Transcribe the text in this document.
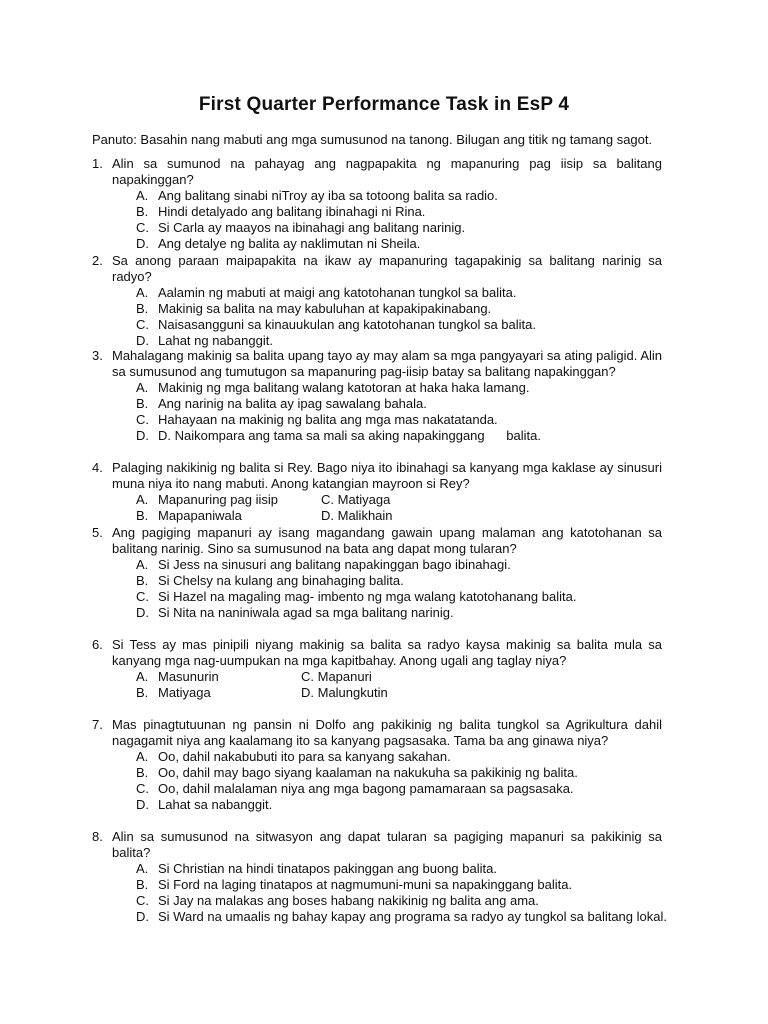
First Quarter Performance Task in EsP 4
Panuto: Basahin nang mabuti ang mga sumusunod na tanong. Bilugan ang titik ng tamang sagot.
1. Alin sa sumunod na pahayag ang nagpapakita ng mapanuring pag iisip sa balitang napakinggan?
A. Ang balitang sinabi niTroy ay iba sa totoong balita sa radio.
B. Hindi detalyado ang balitang ibinahagi ni Rina.
C. Si Carla ay maayos na ibinahagi ang balitang narinig.
D. Ang detalye ng balita ay naklimutan ni Sheila.
2. Sa anong paraan maipapakita na ikaw ay mapanuring tagapakinig sa balitang narinig sa radyo?
A. Aalamin ng mabuti at maigi ang katotohanan tungkol sa balita.
B. Makinig sa balita na may kabuluhan at kapakipakinabang.
C. Naisasangguni sa kinauukulan ang katotohanan tungkol sa balita.
D. Lahat ng nabanggit.
3. Mahalagang makinig sa balita upang tayo ay may alam sa mga pangyayari sa ating paligid. Alin sa sumusunod ang tumutugon sa mapanuring pag-iisip batay sa balitang napakinggan?
A. Makinig ng mga balitang walang katotoran at haka haka lamang.
B. Ang narinig na balita ay ipag sawalang bahala.
C. Hahayaan na makinig ng balita ang mga mas nakatatanda.
D. D. Naikompara ang tama sa mali sa aking napakinggang      balita.
4. Palaging nakikinig ng balita si Rey. Bago niya ito ibinahagi sa kanyang mga kaklase ay sinusuri muna niya ito nang mabuti. Anong katangian mayroon si Rey?
A. Mapanuring pag iisip	C. Matiyaga
B. Mapapaniwala	D. Malikhain
5. Ang pagiging mapanuri ay isang magandang gawain upang malaman ang katotohanan sa balitang narinig. Sino sa sumusunod na bata ang dapat mong tularan?
A. Si Jess na sinusuri ang balitang napakinggan bago ibinahagi.
B. Si Chelsy na kulang ang binahaging balita.
C. Si Hazel na magaling mag- imbento ng mga walang katotohanang balita.
D. Si Nita na naniniwala agad sa mga balitang narinig.
6. Si Tess ay mas pinipili niyang makinig sa balita sa radyo kaysa makinig sa balita mula sa kanyang mga nag-uumpukan na mga kapitbahay. Anong ugali ang taglay niya?
A. Masunurin	C. Mapanuri
B. Matiyaga	D. Malungkutin
7. Mas pinagtutuunan ng pansin ni Dolfo ang pakikinig ng balita tungkol sa Agrikultura dahil nagagamit niya ang kaalamang ito sa kanyang pagsasaka. Tama ba ang ginawa niya?
A. Oo, dahil nakabubuti ito para sa kanyang sakahan.
B. Oo, dahil may bago siyang kaalaman na nakukuha sa pakikinig ng balita.
C. Oo, dahil malalaman niya ang mga bagong pamamaraan sa pagsasaka.
D. Lahat sa nabanggit.
8. Alin sa sumusunod na sitwasyon ang dapat tularan sa pagiging mapanuri sa pakikinig sa balita?
A. Si Christian na hindi tinatapos pakinggan ang buong balita.
B. Si Ford na laging tinatapos at nagmumuni-muni sa napakinggang balita.
C. Si Jay na malakas ang boses habang nakikinig ng balita ang ama.
D. Si Ward na umaalis ng bahay kapay ang programa sa radyo ay tungkol sa balitang lokal.
